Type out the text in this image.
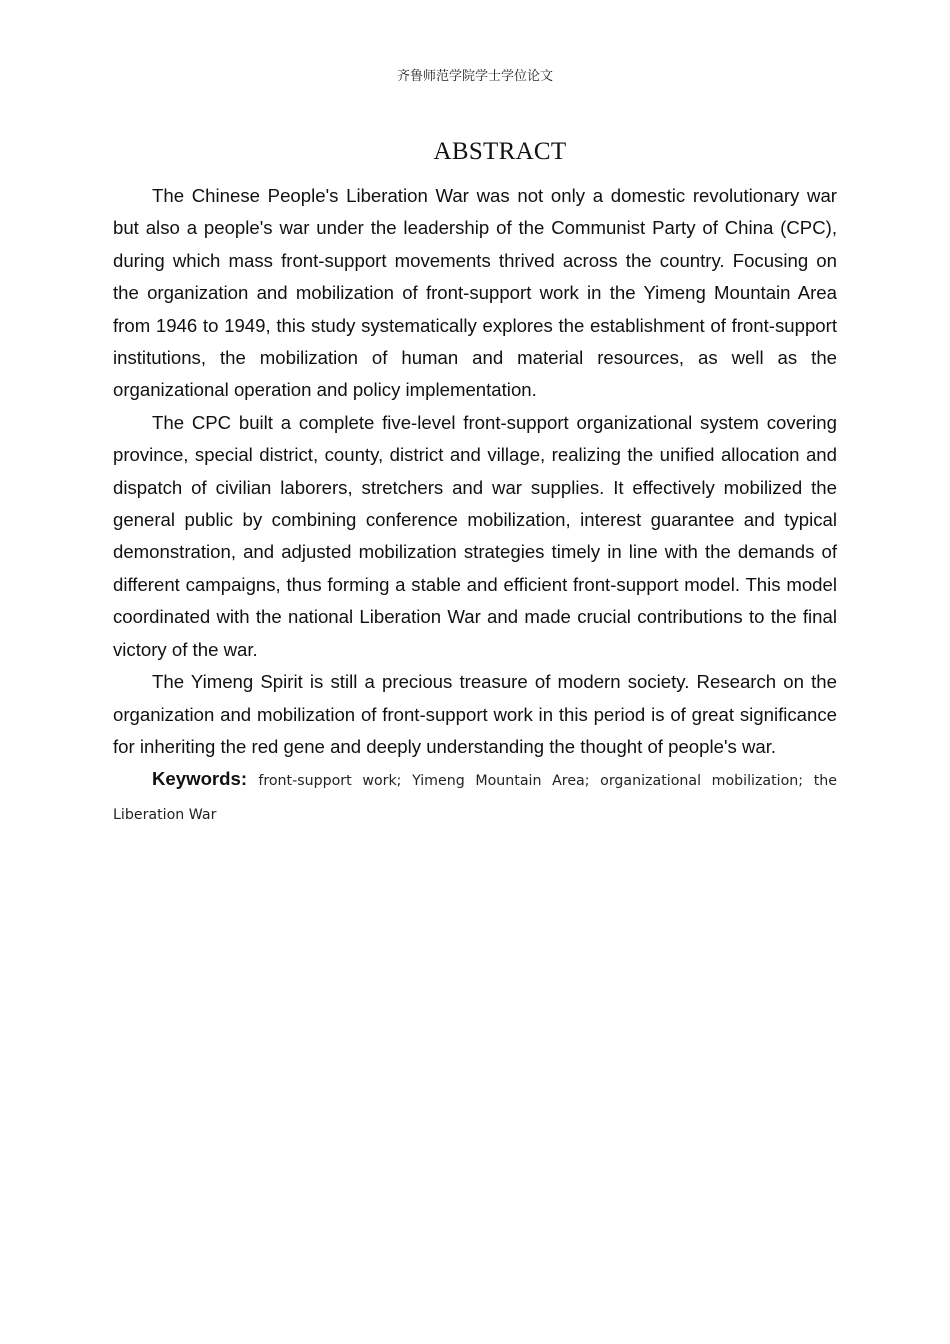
齐鲁师范学院学士学位论文
ABSTRACT

The Chinese People's Liberation War was not only a domestic revolutionary war but also a people's war under the leadership of the Communist Party of China (CPC), during which mass front-support movements thrived across the country. Focusing on the organization and mobilization of front-support work in the Yimeng Mountain Area from 1946 to 1949, this study systematically explores the establishment of front-support institutions, the mobilization of human and material resources, as well as the organizational operation and policy implementation.

The CPC built a complete five-level front-support organizational system covering province, special district, county, district and village, realizing the unified allocation and dispatch of civilian laborers, stretchers and war supplies. It effectively mobilized the general public by combining conference mobilization, interest guarantee and typical demonstration, and adjusted mobilization strategies timely in line with the demands of different campaigns, thus forming a stable and efficient front-support model. This model coordinated with the national Liberation War and made crucial contributions to the final victory of the war.

The Yimeng Spirit is still a precious treasure of modern society. Research on the organization and mobilization of front-support work in this period is of great significance for inheriting the red gene and deeply understanding the thought of people's war.

Keywords: front-support work; Yimeng Mountain Area; organizational mobilization; the Liberation War
